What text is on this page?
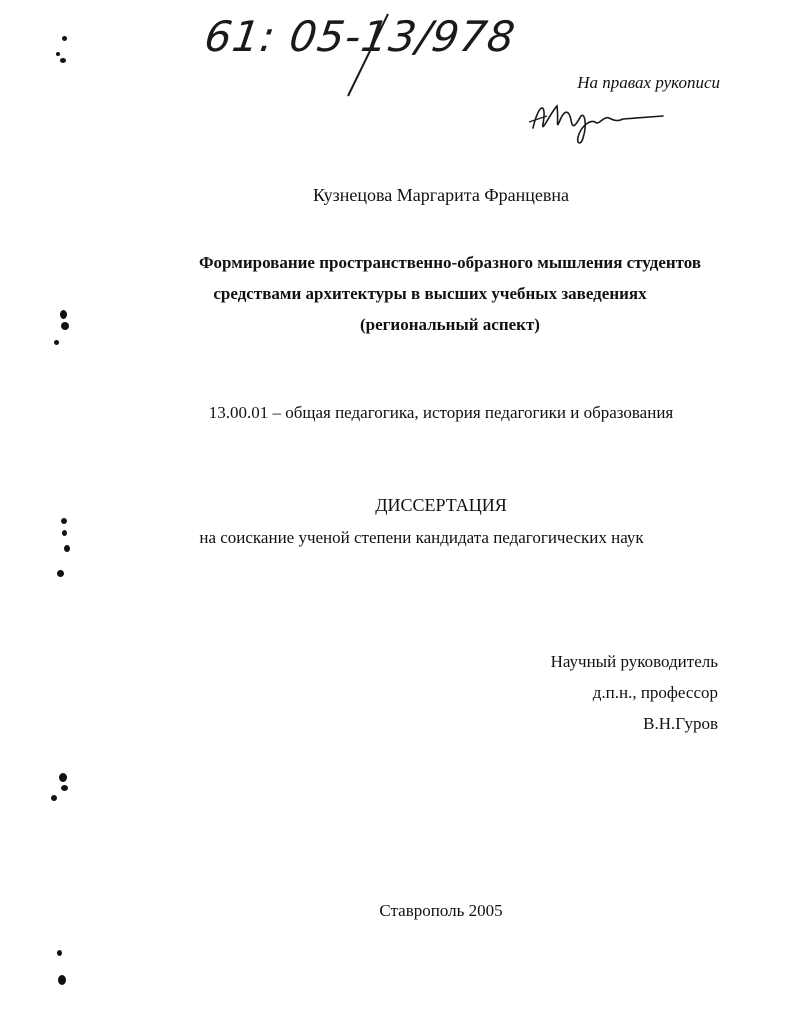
61: 05-13/978
На правах рукописи
Кузнецова Маргарита Францевна
Формирование пространственно-образного мышления студентов
средствами архитектуры в высших учебных заведениях
(региональный аспект)
13.00.01 – общая педагогика, история педагогики и образования
ДИССЕРТАЦИЯ
на соискание ученой степени кандидата педагогических наук
Научный руководитель
д.п.н., профессор
В.Н.Гуров
Ставрополь 2005
